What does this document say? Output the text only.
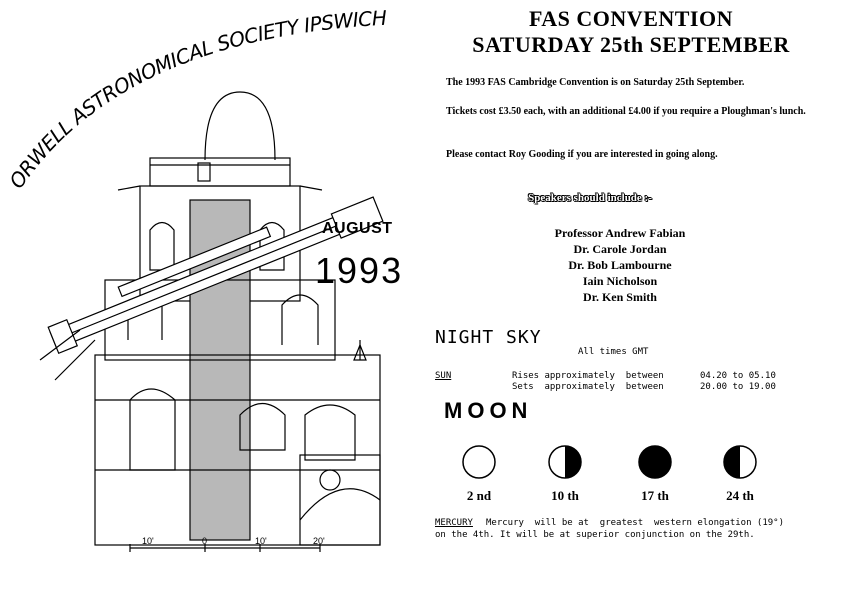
10'	0	10'	20'
ORWELL ASTRONOMICAL SOCIETY IPSWICH
AUGUST
1993
FAS CONVENTION
SATURDAY 25th SEPTEMBER
The 1993 FAS Cambridge Convention is on Saturday 25th September.
Tickets cost £3.50 each, with an additional £4.00 if you require a Ploughman's lunch.
Please contact Roy Gooding if you are interested in going along.
Speakers should include :-
Professor Andrew Fabian
Dr. Carole Jordan
Dr. Bob Lambourne
Iain Nicholson
Dr. Ken Smith
NIGHT SKY
All times GMT
SUN	Rises approximately  between	04.20 to 05.10
Sets  approximately  between	20.00 to 19.00
MOON
2 nd	10 th	17 th	24 th
MERCURY Mercury  will be at  greatest  western elongation (19°)
on the 4th. It will be at superior conjunction on the 29th.
